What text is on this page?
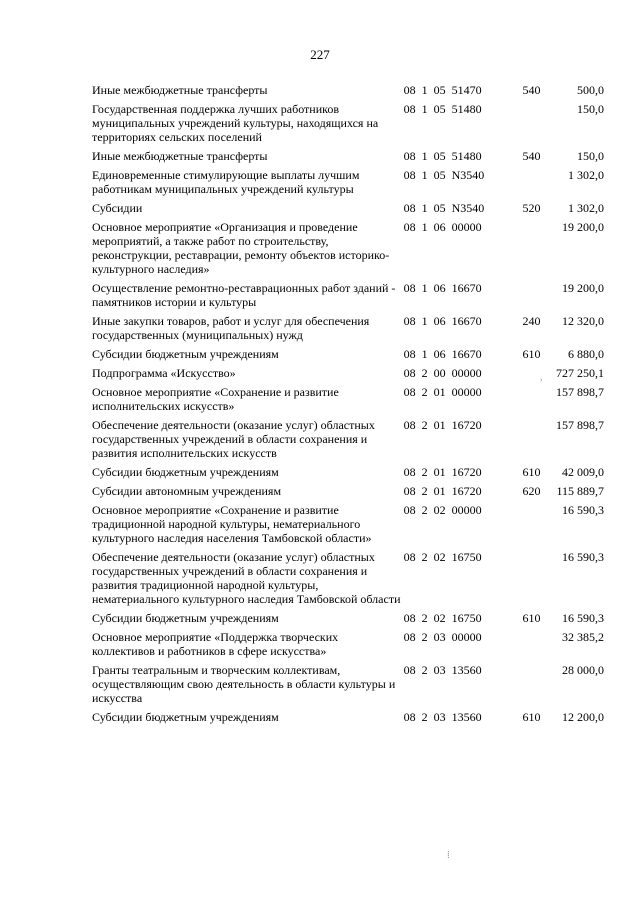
227
Иные межбюджетные трансферты	08  1  05  51470	540	500,0
Государственная поддержка лучших работников муниципальных учреждений культуры, находящихся на территориях сельских поселений	08  1  05  51480		150,0
Иные межбюджетные трансферты	08  1  05  51480	540	150,0
Единовременные стимулирующие выплаты лучшим работникам муниципальных учреждений культуры	08  1  05  N3540		1 302,0
Субсидии	08  1  05  N3540	520	1 302,0
Основное мероприятие «Организация и проведение мероприятий, а также работ по строительству, реконструкции, реставрации, ремонту объектов историко-культурного наследия»	08  1  06  00000		19 200,0
Осуществление ремонтно-реставрационных работ зданий - памятников истории и культуры	08  1  06  16670		19 200,0
Иные закупки товаров, работ и услуг для обеспечения государственных (муниципальных) нужд	08  1  06  16670	240	12 320,0
Субсидии бюджетным учреждениям	08  1  06  16670	610	6 880,0
Подпрограмма «Искусство»	08  2  00  00000		727 250,1
Основное мероприятие «Сохранение и развитие исполнительских искусств»	08  2  01  00000		157 898,7
Обеспечение деятельности (оказание услуг) областных государственных учреждений в области сохранения и развития исполнительских искусств	08  2  01  16720		157 898,7
Субсидии бюджетным учреждениям	08  2  01  16720	610	42 009,0
Субсидии автономным учреждениям	08  2  01  16720	620	115 889,7
Основное мероприятие «Сохранение и развитие традиционной народной культуры, нематериального культурного наследия населения Тамбовской области»	08  2  02  00000		16 590,3
Обеспечение деятельности (оказание услуг) областных государственных учреждений в области сохранения и развития традиционной народной культуры, нематериального культурного наследия Тамбовской области	08  2  02  16750		16 590,3
Субсидии бюджетным учреждениям	08  2  02  16750	610	16 590,3
Основное мероприятие «Поддержка творческих коллективов и работников в сфере искусства»	08  2  03  00000		32 385,2
Гранты театральным и творческим коллективам, осуществляющим свою деятельность в области культуры и искусства	08  2  03  13560		28 000,0
Субсидии бюджетным учреждениям	08  2  03  13560	610	12 200,0
,
⁞
